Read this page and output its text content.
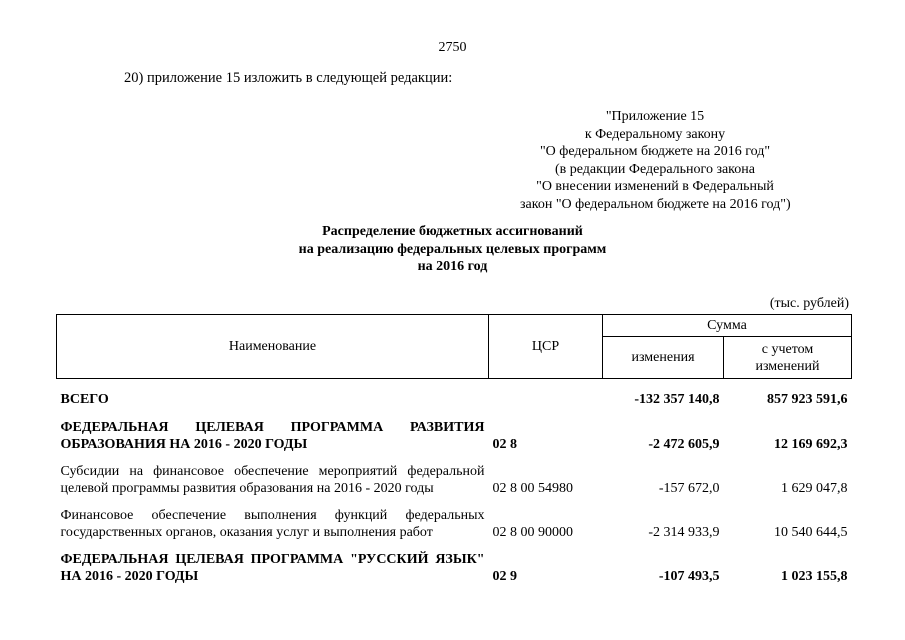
2750
20) приложение 15 изложить в следующей редакции:
"Приложение 15
к Федеральному закону
"О федеральном бюджете на 2016 год"
(в редакции Федерального закона
"О внесении изменений в Федеральный
закон "О федеральном бюджете на 2016 год")
Распределение бюджетных ассигнований
на реализацию федеральных целевых программ
на 2016 год
(тыс. рублей)
Наименование	ЦСР	Сумма	
		изменения	с учетом изменений

ВСЕГО		-132 357 140,8	857 923 591,6

ФЕДЕРАЛЬНАЯ ЦЕЛЕВАЯ ПРОГРАММА РАЗВИТИЯ ОБРАЗОВАНИЯ НА 2016 - 2020 ГОДЫ	02 8	-2 472 605,9	12 169 692,3

Субсидии на финансовое обеспечение мероприятий федеральной целевой программы развития образования на 2016 - 2020 годы	02 8 00 54980	-157 672,0	1 629 047,8

Финансовое обеспечение выполнения функций федеральных государственных органов, оказания услуг и выполнения работ	02 8 00 90000	-2 314 933,9	10 540 644,5

ФЕДЕРАЛЬНАЯ ЦЕЛЕВАЯ ПРОГРАММА "РУССКИЙ ЯЗЫК" НА 2016 - 2020 ГОДЫ	02 9	-107 493,5	1 023 155,8
